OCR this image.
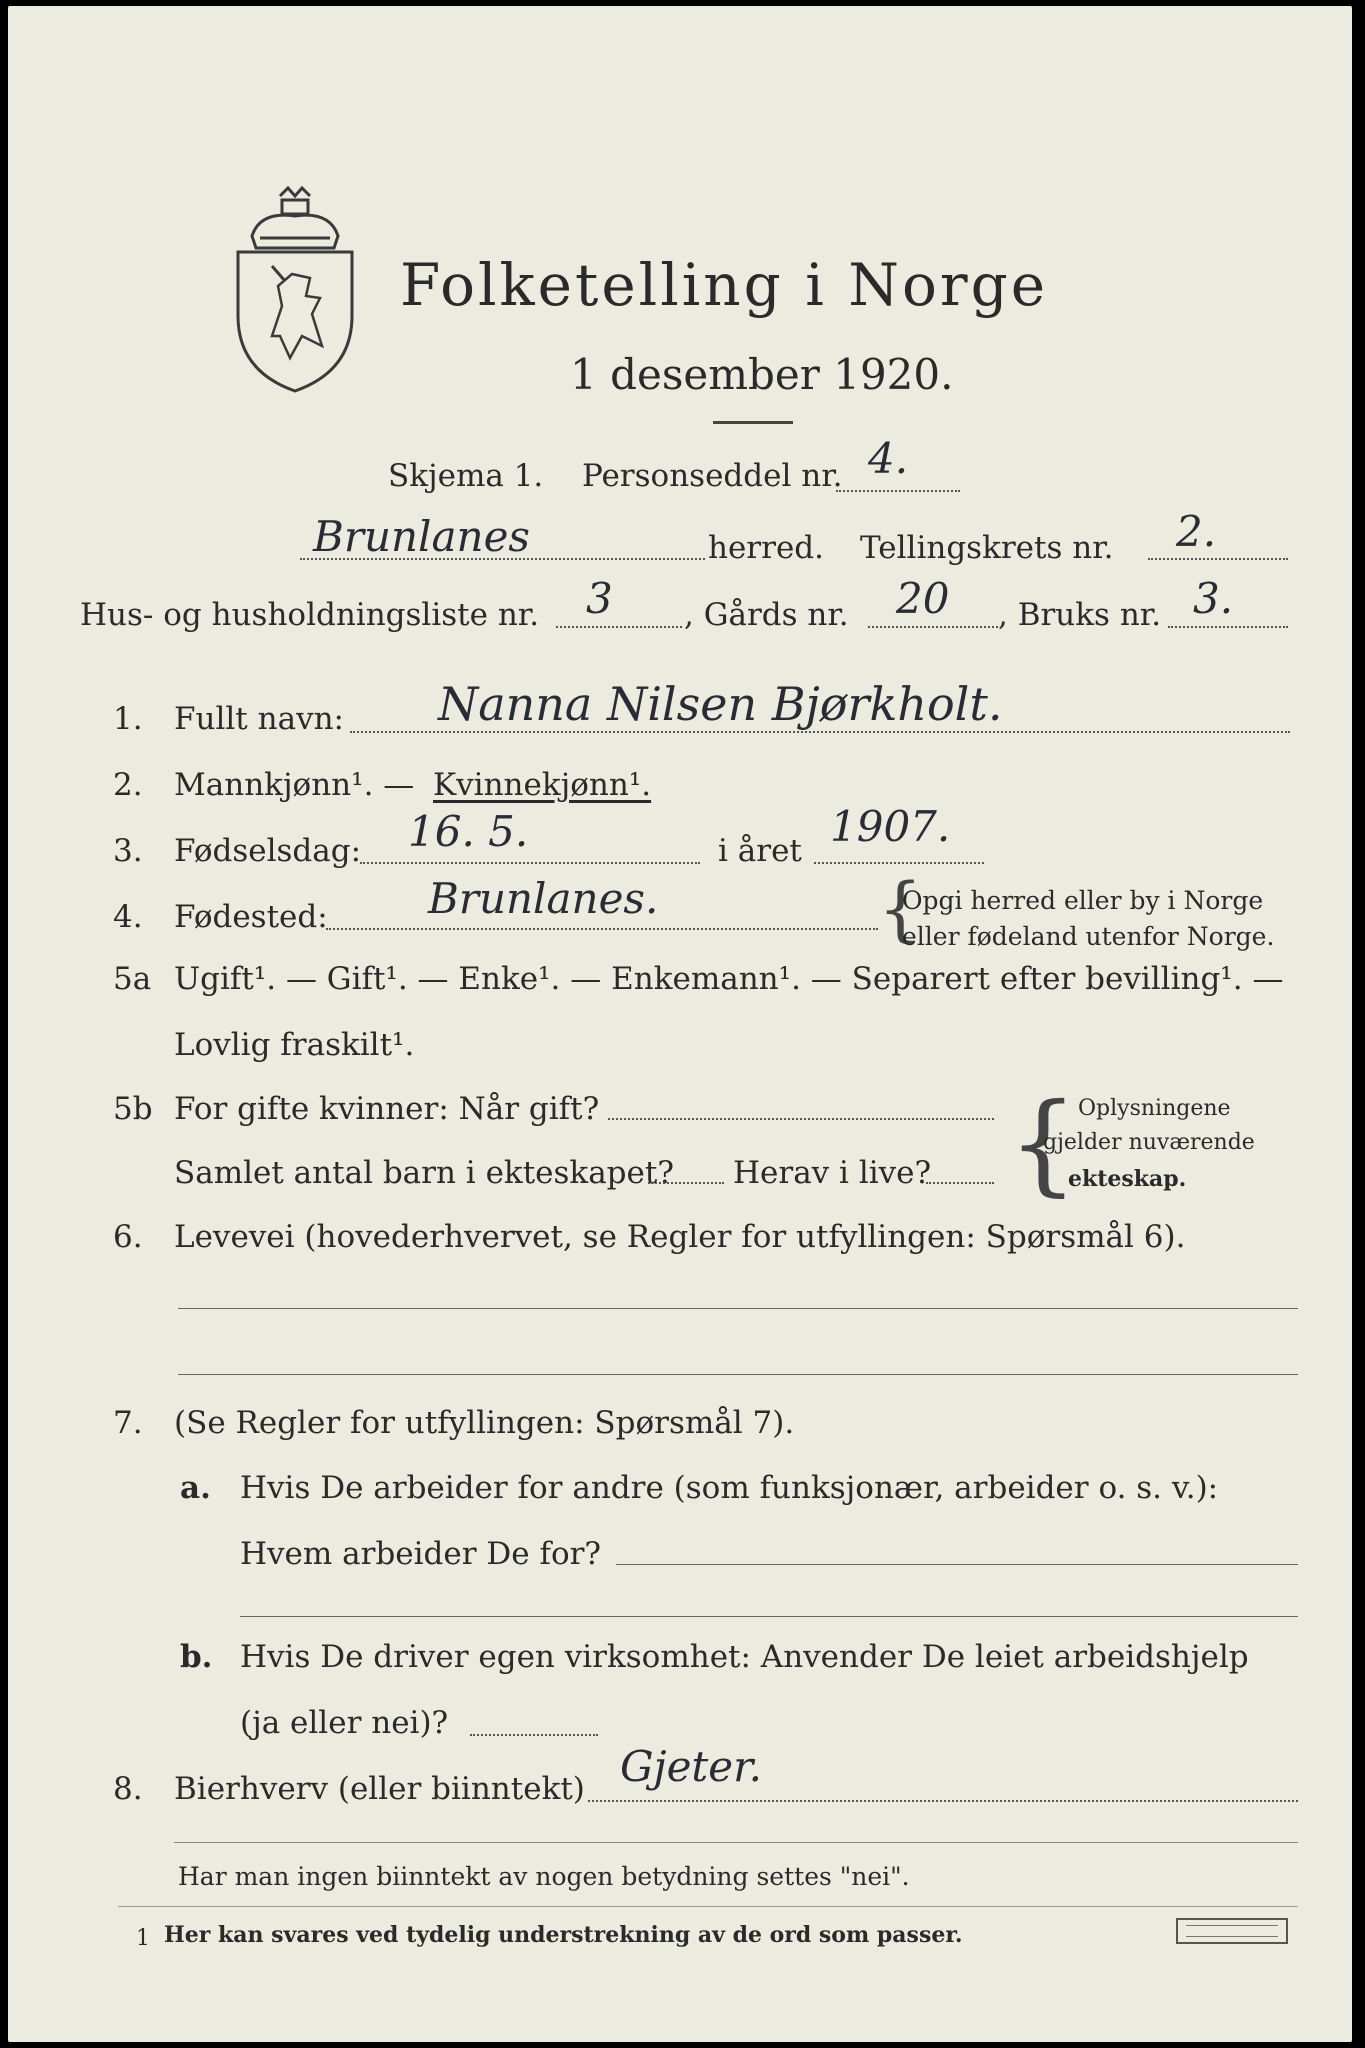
Folketelling i Norge
1 desember 1920.
Skjema 1. Personseddel nr. 4.
Brunlanes	herred. Tellingskrets nr. 2.
Hus- og husholdningsliste nr. 3 , Gårds nr. 20 , Bruks nr. 3.
1. Fullt navn: Nanna Nilsen Bjørkholt.
2. Mannkjønn¹. — Kvinnekjønn¹.
3. Fødselsdag: 16. 5.	i året 1907.
4. Fødested: Brunlanes.	{
Opgi herred eller by i Norge
eller fødeland utenfor Norge.
5a Ugift¹. — Gift¹. — Enke¹. — Enkemann¹. — Separert efter bevilling¹. —
Lovlig fraskilt¹.
5b For gifte kvinner: Når gift?
Samlet antal barn i ekteskapet? Herav i live? { Oplysningene
gjelder nuværende
ekteskap.
6. Levevei (hovederhvervet, se Regler for utfyllingen: Spørsmål 6).
7. (Se Regler for utfyllingen: Spørsmål 7).
a. Hvis De arbeider for andre (som funksjonær, arbeider o. s. v.):
Hvem arbeider De for?
b. Hvis De driver egen virksomhet: Anvender De leiet arbeidshjelp
(ja eller nei)?
8. Bierhverv (eller biinntekt) Gjeter.
Har man ingen biinntekt av nogen betydning settes "nei".
1 Her kan svares ved tydelig understrekning av de ord som passer.
